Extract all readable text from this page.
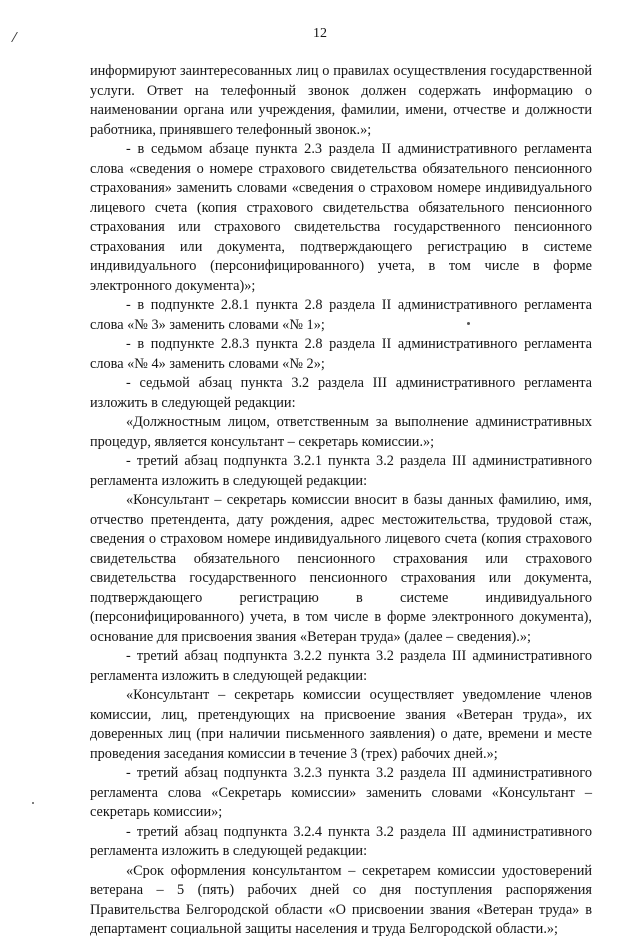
12

информируют заинтересованных лиц о правилах осуществления государственной услуги. Ответ на телефонный звонок должен содержать информацию о наименовании органа или учреждения, фамилии, имени, отчестве и должности работника, принявшего телефонный звонок.»;

- в седьмом абзаце пункта 2.3 раздела II административного регламента слова «сведения о номере страхового свидетельства обязательного пенсионного страхования» заменить словами «сведения о страховом номере индивидуального лицевого счета (копия страхового свидетельства обязательного пенсионного страхования или страхового свидетельства государственного пенсионного страхования или документа, подтверждающего регистрацию в системе индивидуального (персонифицированного) учета, в том числе в форме электронного документа)»;

- в подпункте 2.8.1 пункта 2.8 раздела II административного регламента слова «№ 3» заменить словами «№ 1»;

- в подпункте 2.8.3 пункта 2.8 раздела II административного регламента слова «№ 4» заменить словами «№ 2»;

- седьмой абзац пункта 3.2 раздела III административного регламента изложить в следующей редакции:

«Должностным лицом, ответственным за выполнение административных процедур, является консультант – секретарь комиссии.»;

- третий абзац подпункта 3.2.1 пункта 3.2 раздела III административного регламента изложить в следующей редакции:

«Консультант – секретарь комиссии вносит в базы данных фамилию, имя, отчество претендента, дату рождения, адрес местожительства, трудовой стаж, сведения о страховом номере индивидуального лицевого счета (копия страхового свидетельства обязательного пенсионного страхования или страхового свидетельства государственного пенсионного страхования или документа, подтверждающего регистрацию в системе индивидуального (персонифицированного) учета, в том числе в форме электронного документа), основание для присвоения звания «Ветеран труда» (далее – сведения).»;

- третий абзац подпункта 3.2.2 пункта 3.2 раздела III административного регламента изложить в следующей редакции:

«Консультант – секретарь комиссии осуществляет уведомление членов комиссии, лиц, претендующих на присвоение звания «Ветеран труда», их доверенных лиц (при наличии письменного заявления) о дате, времени и месте проведения заседания комиссии в течение 3 (трех) рабочих дней.»;

- третий абзац подпункта 3.2.3 пункта 3.2 раздела III административного регламента слова «Секретарь комиссии» заменить словами «Консультант – секретарь комиссии»;

- третий абзац подпункта 3.2.4 пункта 3.2 раздела III административного регламента изложить в следующей редакции:

«Срок оформления консультантом – секретарем комиссии удостоверений ветерана – 5 (пять) рабочих дней со дня поступления распоряжения Правительства Белгородской области «О присвоении звания «Ветеран труда» в департамент социальной защиты населения и труда Белгородской области.»;
